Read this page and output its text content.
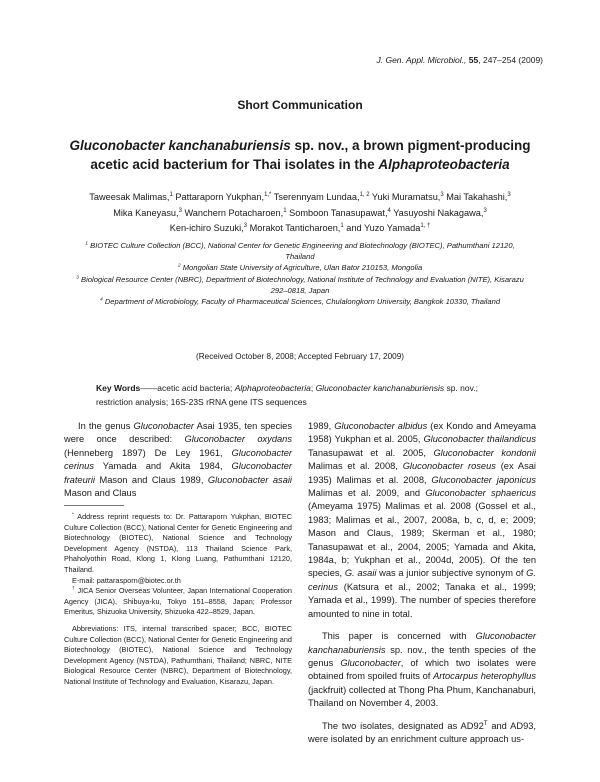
J. Gen. Appl. Microbiol., 55, 247–254 (2009)
Short Communication
Gluconobacter kanchanaburiensis sp. nov., a brown pigment-producing
acetic acid bacterium for Thai isolates in the Alphaproteobacteria
Taweesak Malimas,$^1$ Pattaraporn Yukphan,$^{1,*}$ Tserennyam Lundaa,$^{1, 2}$ Yuki Muramatsu,$^3$ Mai Takahashi,$^3$
Mika Kaneyasu,$^3$ Wanchern Potacharoen,$^1$ Somboon Tanasupawat,$^4$ Yasuyoshi Nakagawa,$^3$
Ken-ichiro Suzuki,$^3$ Morakot Tanticharoen,$^1$ and Yuzo Yamada$^{1, \dagger}$
$^1$ BIOTEC Culture Collection (BCC), National Center for Genetic Engineering and Biotechnology (BIOTEC), Pathumthani 12120, Thailand
$^2$ Mongolian State University of Agriculture, Ulan Bator 210153, Mongolia
$^3$ Biological Resource Center (NBRC), Department of Biotechnology, National Institute of Technology and Evaluation (NITE), Kisarazu 292–0818, Japan
$^4$ Department of Microbiology, Faculty of Pharmaceutical Sciences, Chulalongkorn University, Bangkok 10330, Thailand
(Received October 8, 2008; Accepted February 17, 2009)
Key Words——acetic acid bacteria; Alphaproteobacteria; Gluconobacter kanchanaburiensis sp. nov.; restriction analysis; 16S-23S rRNA gene ITS sequences

In the genus Gluconobacter Asai 1935, ten species were once described: Gluconobacter oxydans (Henneberg 1897) De Ley 1961, Gluconobacter cerinus Yamada and Akita 1984, Gluconobacter frateurii Mason and Claus 1989, Gluconobacter asaii Mason and Claus

* Address reprint requests to: Dr. Pattaraporn Yukphan, BIOTEC Culture Collection (BCC), National Center for Genetic Engineering and Biotechnology (BIOTEC), National Science and Technology Development Agency (NSTDA), 113 Thailand Science Park, Phaholyothin Road, Klong 1, Klong Luang, Pathumthani 12120, Thailand.

E-mail: pattarasporn@biotec.or.th

† JICA Senior Overseas Volunteer, Japan International Cooperation Agency (JICA), Shibuya-ku, Tokyo 151–8558, Japan; Professor Emeritus, Shizuoka University, Shizuoka 422–8529, Japan.

Abbreviations: ITS, internal transcribed spacer; BCC, BIOTEC Culture Collection (BCC), National Center for Genetic Engineering and Biotechnology (BIOTEC), National Science and Technology Development Agency (NSTDA), Pathumthani, Thailand; NBRC, NITE Biological Resource Center (NBRC), Department of Biotechnology, National Institute of Technology and Evaluation, Kisarazu, Japan.

1989, Gluconobacter albidus (ex Kondo and Ameyama 1958) Yukphan et al. 2005, Gluconobacter thailandicus Tanasupawat et al. 2005, Gluconobacter kondonii Malimas et al. 2008, Gluconobacter roseus (ex Asai 1935) Malimas et al. 2008, Gluconobacter japonicus Malimas et al. 2009, and Gluconobacter sphaericus (Ameyama 1975) Malimas et al. 2008 (Gossel et al., 1983; Malimas et al., 2007, 2008a, b, c, d, e; 2009; Mason and Claus, 1989; Skerman et al., 1980; Tanasupawat et al., 2004, 2005; Yamada and Akita, 1984a, b; Yukphan et al., 2004d, 2005). Of the ten species, G. asaii was a junior subjective synonym of G. cerinus (Katsura et al., 2002; Tanaka et al., 1999; Yamada et al., 1999). The number of species therefore amounted to nine in total.

This paper is concerned with Gluconobacter kanchanaburiensis sp. nov., the tenth species of the genus Gluconobacter, of which two isolates were obtained from spoiled fruits of Artocarpus heterophyllus (jackfruit) collected at Thong Pha Phum, Kanchanaburi, Thailand on November 4, 2003.

The two isolates, designated as $AD92^T$ and AD93, were isolated by an enrichment culture approach us-
